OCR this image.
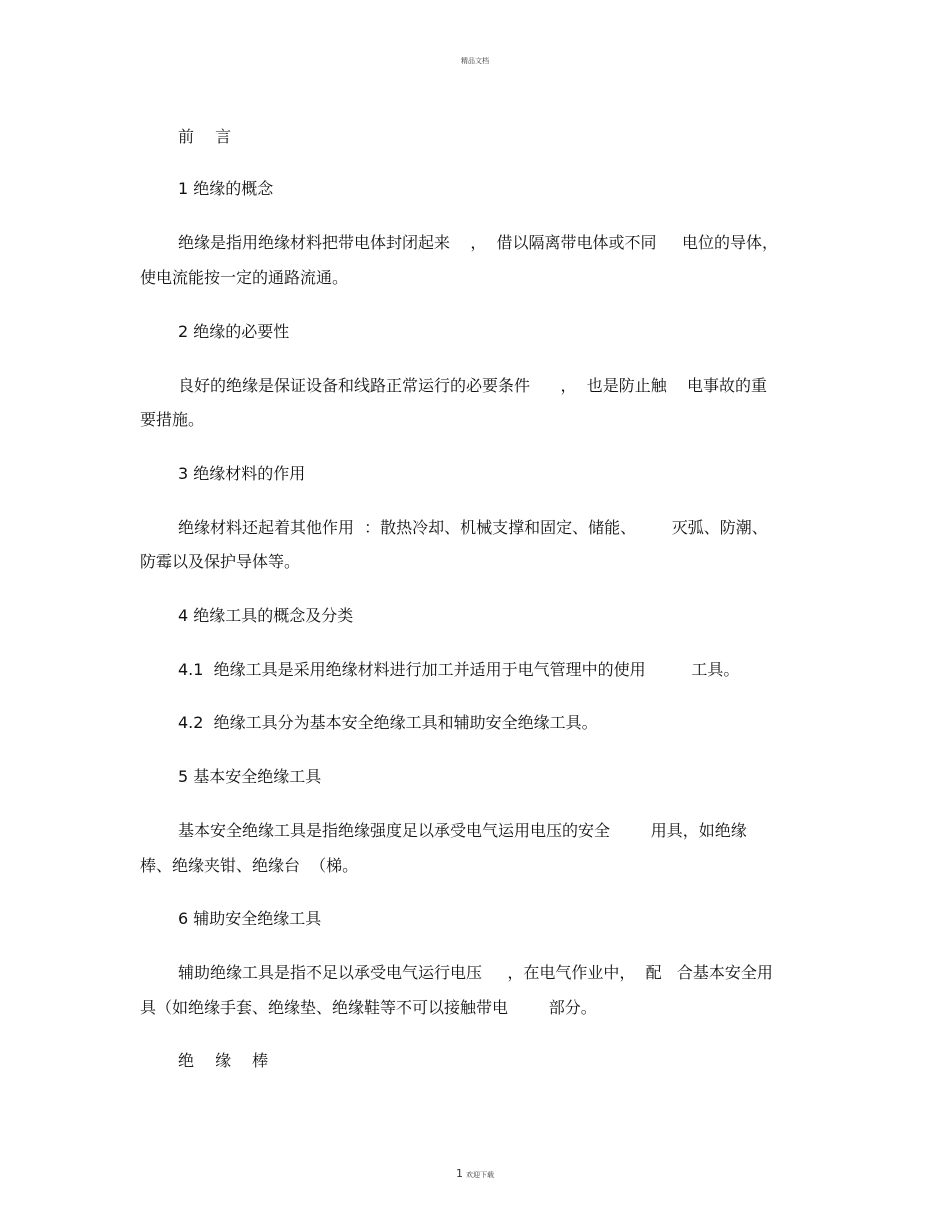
精品文档
前 言
1 绝缘的概念
绝缘是指用绝缘材料把带电体封闭起来    ，  借以隔离带电体或不同     电位的导体，
使电流能按一定的通路流通。
2 绝缘的必要性
良好的绝缘是保证设备和线路正常运行的必要条件      ，  也是防止触    电事故的重
要措施。
3 绝缘材料的作用
绝缘材料还起着其他作用  ：散热冷却、机械支撑和固定、储能、       灭弧、防潮、
防霉以及保护导体等。
4 绝缘工具的概念及分类
4.1  绝缘工具是采用绝缘材料进行加工并适用于电气管理中的使用         工具。
4.2  绝缘工具分为基本安全绝缘工具和辅助安全绝缘工具。
5 基本安全绝缘工具
基本安全绝缘工具是指绝缘强度足以承受电气运用电压的安全        用具，如绝缘
棒、绝缘夹钳、绝缘台  （梯。
6 辅助安全绝缘工具
辅助绝缘工具是指不足以承受电气运行电压     ，在电气作业中，  配   合基本安全用
具（如绝缘手套、绝缘垫、绝缘鞋等不可以接触带电        部分。
绝 缘 棒
1 欢迎下载
